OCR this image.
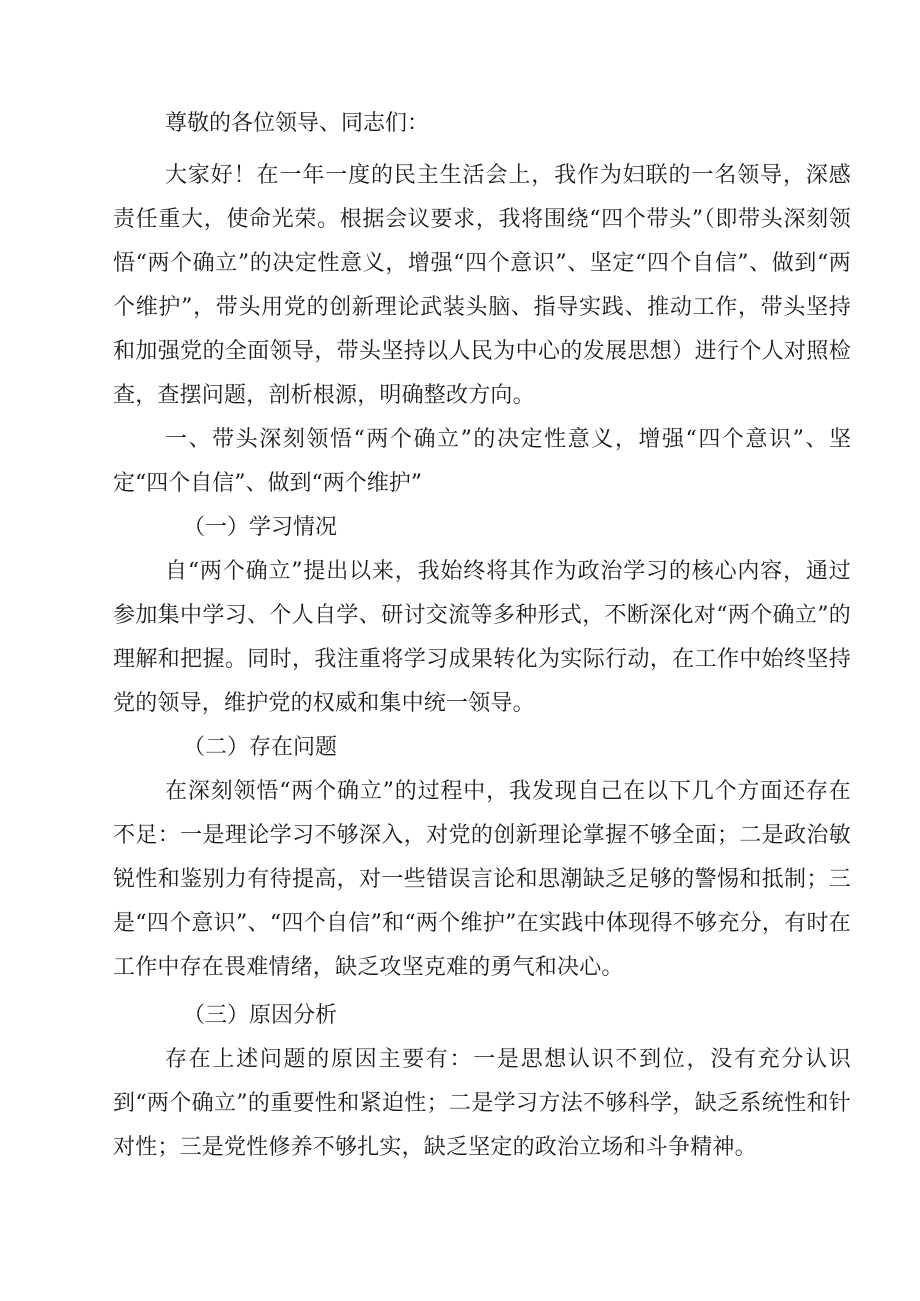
尊敬的各位领导、同志们：

大家好！在一年一度的民主生活会上，我作为妇联的一名领导，深感责任重大，使命光荣。根据会议要求，我将围绕“四个带头”（即带头深刻领悟“两个确立”的决定性意义，增强“四个意识”、坚定“四个自信”、做到“两个维护”，带头用党的创新理论武装头脑、指导实践、推动工作，带头坚持和加强党的全面领导，带头坚持以人民为中心的发展思想）进行个人对照检查，查摆问题，剖析根源，明确整改方向。

一、带头深刻领悟“两个确立”的决定性意义，增强“四个意识”、坚定“四个自信”、做到“两个维护”

（一）学习情况

自“两个确立”提出以来，我始终将其作为政治学习的核心内容，通过参加集中学习、个人自学、研讨交流等多种形式，不断深化对“两个确立”的理解和把握。同时，我注重将学习成果转化为实际行动，在工作中始终坚持党的领导，维护党的权威和集中统一领导。

（二）存在问题

在深刻领悟“两个确立”的过程中，我发现自己在以下几个方面还存在不足：一是理论学习不够深入，对党的创新理论掌握不够全面；二是政治敏锐性和鉴别力有待提高，对一些错误言论和思潮缺乏足够的警惕和抵制；三是“四个意识”、“四个自信”和“两个维护”在实践中体现得不够充分，有时在工作中存在畏难情绪，缺乏攻坚克难的勇气和决心。

（三）原因分析

存在上述问题的原因主要有：一是思想认识不到位，没有充分认识到“两个确立”的重要性和紧迫性；二是学习方法不够科学，缺乏系统性和针对性；三是党性修养不够扎实，缺乏坚定的政治立场和斗争精神。
